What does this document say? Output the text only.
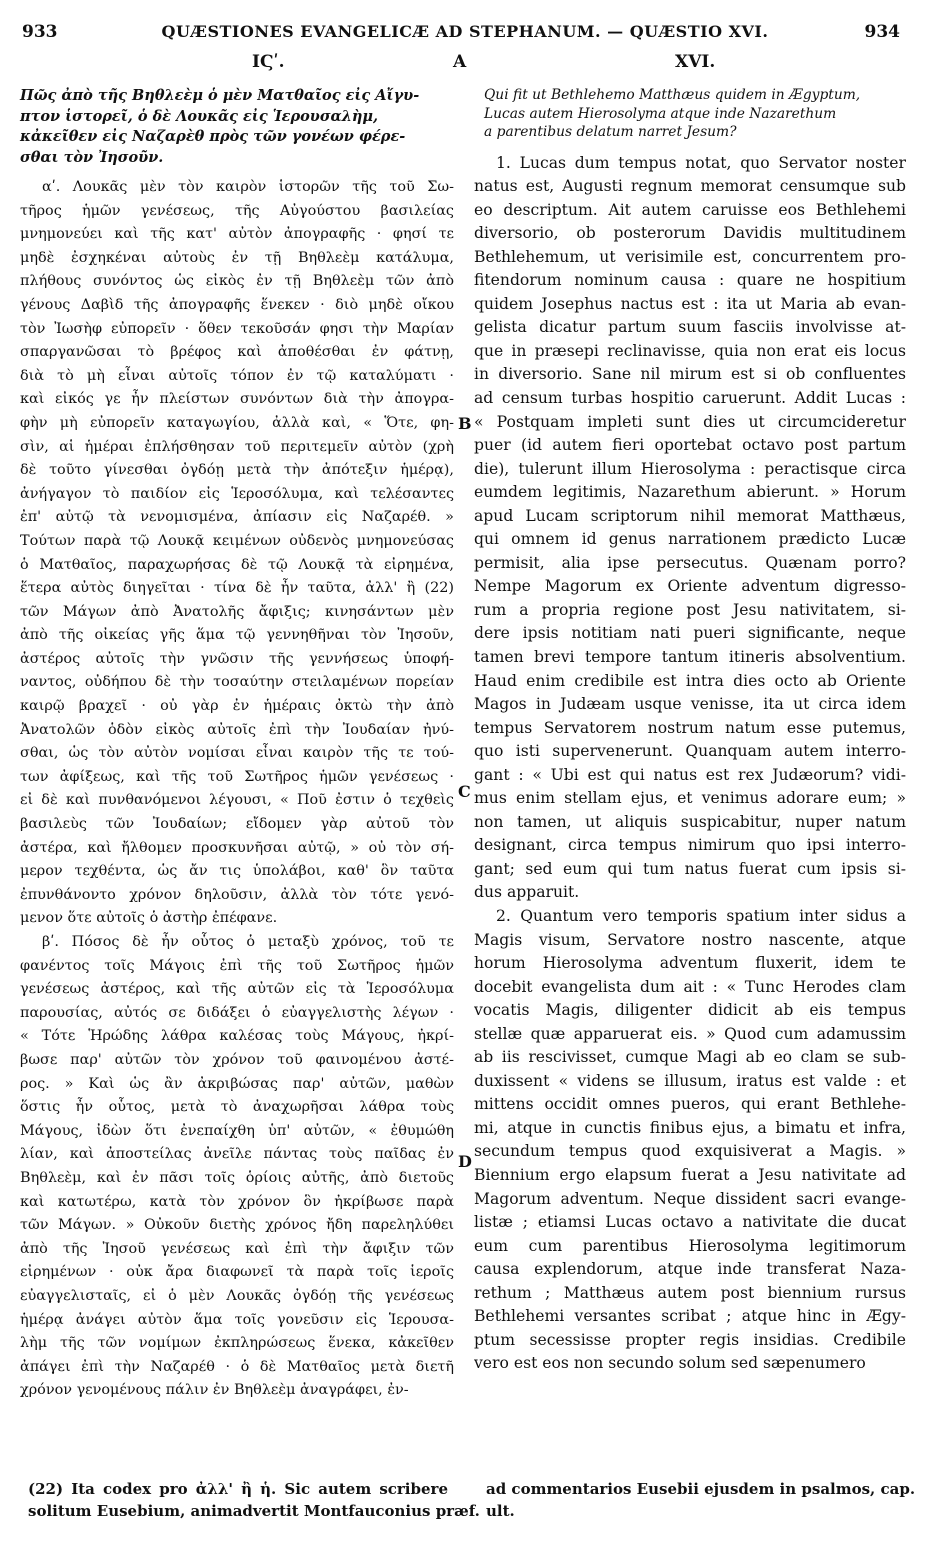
933	QUÆSTIONES EVANGELICÆ AD STEPHANUM. — QUÆSTIO XVI.	934
ΙϚʹ.	A	XVI.
Πῶς ἀπὸ τῆς Βηθλεὲμ ὁ μὲν Ματθαῖος εἰς Αἴγυ-
πτον ἱστορεῖ, ὁ δὲ Λουκᾶς εἰς Ἱερουσαλὴμ,
κἀκεῖθεν εἰς Ναζαρὲθ πρὸς τῶν γονέων φέρε-
σθαι τὸν Ἰησοῦν.
αʹ. Λουκᾶς μὲν τὸν καιρὸν ἱστορῶν τῆς τοῦ Σω-
τῆρος ἡμῶν γενέσεως, τῆς Αὐγούστου βασιλείας
μνημονεύει καὶ τῆς κατ' αὐτὸν ἀπογραφῆς · φησί τε
μηδὲ ἐσχηκέναι αὐτοὺς ἐν τῇ Βηθλεὲμ κατάλυμα,
πλήθους συνόντος ὡς εἰκὸς ἐν τῇ Βηθλεὲμ τῶν ἀπὸ
γένους Δαβὶδ τῆς ἀπογραφῆς ἕνεκεν · διὸ μηδὲ οἴκου
τὸν Ἰωσὴφ εὐπορεῖν · ὅθεν τεκοῦσάν φησι τὴν Μαρίαν
σπαργανῶσαι τὸ βρέφος καὶ ἀποθέσθαι ἐν φάτνῃ,
διὰ τὸ μὴ εἶναι αὐτοῖς τόπον ἐν τῷ καταλύματι ·
καὶ εἰκός γε ἦν πλείστων συνόντων διὰ τὴν ἀπογρα-
φὴν μὴ εὐπορεῖν καταγωγίου, ἀλλὰ καὶ, « Ὅτε, φη-
σὶν, αἱ ἡμέραι ἐπλήσθησαν τοῦ περιτεμεῖν αὐτὸν (χρὴ
δὲ τοῦτο γίνεσθαι ὀγδόῃ μετὰ τὴν ἀπότεξιν ἡμέρᾳ),
ἀνήγαγον τὸ παιδίον εἰς Ἱεροσόλυμα, καὶ τελέσαντες
ἐπ' αὐτῷ τὰ νενομισμένα, ἀπίασιν εἰς Ναζαρέθ. »
Τούτων παρὰ τῷ Λουκᾷ κειμένων οὐδενὸς μνημονεύσας
ὁ Ματθαῖος, παραχωρήσας δὲ τῷ Λουκᾷ τὰ εἰρημένα,
ἕτερα αὐτὸς διηγεῖται · τίνα δὲ ἦν ταῦτα, ἀλλ' ἢ (22)
τῶν Μάγων ἀπὸ Ἀνατολῆς ἄφιξις; κινησάντων μὲν
ἀπὸ τῆς οἰκείας γῆς ἅμα τῷ γεννηθῆναι τὸν Ἰησοῦν,
ἀστέρος αὐτοῖς τὴν γνῶσιν τῆς γεννήσεως ὑποφή-
ναντος, οὐδήπου δὲ τὴν τοσαύτην στειλαμένων πορείαν
καιρῷ βραχεῖ · οὐ γὰρ ἐν ἡμέραις ὀκτὼ τὴν ἀπὸ
Ἀνατολῶν ὁδὸν εἰκὸς αὐτοῖς ἐπὶ τὴν Ἰουδαίαν ἠνύ-
σθαι, ὡς τὸν αὐτὸν νομίσαι εἶναι καιρὸν τῆς τε τού-
των ἀφίξεως, καὶ τῆς τοῦ Σωτῆρος ἡμῶν γενέσεως ·
εἰ δὲ καὶ πυνθανόμενοι λέγουσι, « Ποῦ ἐστιν ὁ τεχθεὶς
βασιλεὺς τῶν Ἰουδαίων; εἴδομεν γὰρ αὐτοῦ τὸν
ἀστέρα, καὶ ἤλθομεν προσκυνῆσαι αὐτῷ, » οὐ τὸν σή-
μερον τεχθέντα, ὡς ἄν τις ὑπολάβοι, καθ' ὃν ταῦτα
ἐπυνθάνοντο χρόνον δηλοῦσιν, ἀλλὰ τὸν τότε γενό-
μενον ὅτε αὐτοῖς ὁ ἀστὴρ ἐπέφανε.
βʹ. Πόσος δὲ ἦν οὗτος ὁ μεταξὺ χρόνος, τοῦ τε
φανέντος τοῖς Μάγοις ἐπὶ τῆς τοῦ Σωτῆρος ἡμῶν
γενέσεως ἀστέρος, καὶ τῆς αὐτῶν εἰς τὰ Ἱεροσόλυμα
παρουσίας, αὐτός σε διδάξει ὁ εὐαγγελιστὴς λέγων ·
« Τότε Ἡρώδης λάθρα καλέσας τοὺς Μάγους, ἠκρί-
βωσε παρ' αὐτῶν τὸν χρόνον τοῦ φαινομένου ἀστέ-
ρος. » Καὶ ὡς ἂν ἀκριβώσας παρ' αὐτῶν, μαθὼν
ὅστις ἦν οὗτος, μετὰ τὸ ἀναχωρῆσαι λάθρα τοὺς
Μάγους, ἰδὼν ὅτι ἐνεπαίχθη ὑπ' αὐτῶν, « ἐθυμώθη
λίαν, καὶ ἀποστείλας ἀνεῖλε πάντας τοὺς παῖδας ἐν
Βηθλεὲμ, καὶ ἐν πᾶσι τοῖς ὁρίοις αὐτῆς, ἀπὸ διετοῦς
καὶ κατωτέρω, κατὰ τὸν χρόνον ὃν ἠκρίβωσε παρὰ
τῶν Μάγων. » Οὐκοῦν διετὴς χρόνος ἤδη παρεληλύθει
ἀπὸ τῆς Ἰησοῦ γενέσεως καὶ ἐπὶ τὴν ἄφιξιν τῶν
εἰρημένων · οὐκ ἄρα διαφωνεῖ τὰ παρὰ τοῖς ἱεροῖς
εὐαγγελισταῖς, εἰ ὁ μὲν Λουκᾶς ὀγδόῃ τῆς γενέσεως
ἡμέρᾳ ἀνάγει αὐτὸν ἅμα τοῖς γονεῦσιν εἰς Ἱερουσα-
λὴμ τῆς τῶν νομίμων ἐκπληρώσεως ἕνεκα, κἀκεῖθεν
ἀπάγει ἐπὶ τὴν Ναζαρέθ · ὁ δὲ Ματθαῖος μετὰ διετῆ
χρόνον γενομένους πάλιν ἐν Βηθλεὲμ ἀναγράφει, ἐν-
Qui fit ut Bethlehemo Matthæus quidem in Ægyptum,
Lucas autem Hierosolyma atque inde Nazarethum
a parentibus delatum narret Jesum?
1. Lucas dum tempus notat, quo Servator noster
natus est, Augusti regnum memorat censumque sub
eo descriptum. Ait autem caruisse eos Bethlehemi
diversorio, ob posterorum Davidis multitudinem
Bethlehemum, ut verisimile est, concurrentem pro-
fitendorum nominum causa : quare ne hospitium
quidem Josephus nactus est : ita ut Maria ab evan-
gelista dicatur partum suum fasciis involvisse at-
que in præsepi reclinavisse, quia non erat eis locus
in diversorio. Sane nil mirum est si ob confluentes
ad censum turbas hospitio caruerunt. Addit Lucas :
« Postquam impleti sunt dies ut circumcideretur
puer (id autem fieri oportebat octavo post partum
die), tulerunt illum Hierosolyma : peractisque circa
eumdem legitimis, Nazarethum abierunt. » Horum
apud Lucam scriptorum nihil memorat Matthæus,
qui omnem id genus narrationem prædicto Lucæ
permisit, alia ipse persecutus. Quænam porro?
Nempe Magorum ex Oriente adventum digresso-
rum a propria regione post Jesu nativitatem, si-
dere ipsis notitiam nati pueri significante, neque
tamen brevi tempore tantum itineris absolventium.
Haud enim credibile est intra dies octo ab Oriente
Magos in Judæam usque venisse, ita ut circa idem
tempus Servatorem nostrum natum esse putemus,
quo isti supervenerunt. Quanquam autem interro-
gant : « Ubi est qui natus est rex Judæorum? vidi-
mus enim stellam ejus, et venimus adorare eum; »
non tamen, ut aliquis suspicabitur, nuper natum
designant, circa tempus nimirum quo ipsi interro-
gant; sed eum qui tum natus fuerat cum ipsis si-
dus apparuit.
2. Quantum vero temporis spatium inter sidus a
Magis visum, Servatore nostro nascente, atque
horum Hierosolyma adventum fluxerit, idem te
docebit evangelista dum ait : « Tunc Herodes clam
vocatis Magis, diligenter didicit ab eis tempus
stellæ quæ apparuerat eis. » Quod cum adamussim
ab iis rescivisset, cumque Magi ab eo clam se sub-
duxissent « videns se illusum, iratus est valde : et
mittens occidit omnes pueros, qui erant Bethlehe-
mi, atque in cunctis finibus ejus, a bimatu et infra,
secundum tempus quod exquisiverat a Magis. »
Biennium ergo elapsum fuerat a Jesu nativitate ad
Magorum adventum. Neque dissident sacri evange-
listæ ; etiamsi Lucas octavo a nativitate die ducat
eum cum parentibus Hierosolyma legitimorum
causa explendorum, atque inde transferat Naza-
rethum ; Matthæus autem post biennium rursus
Bethlehemi versantes scribat ; atque hinc in Ægy-
ptum secessisse propter regis insidias. Credibile
vero est eos non secundo solum sed sæpenumero
B
C
D
(22) Ita codex pro ἀλλ' ἢ ἡ. Sic autem scribere
solitum Eusebium, animadvertit Montfauconius præf.
ad commentarios Eusebii ejusdem in psalmos, cap.
ult.
